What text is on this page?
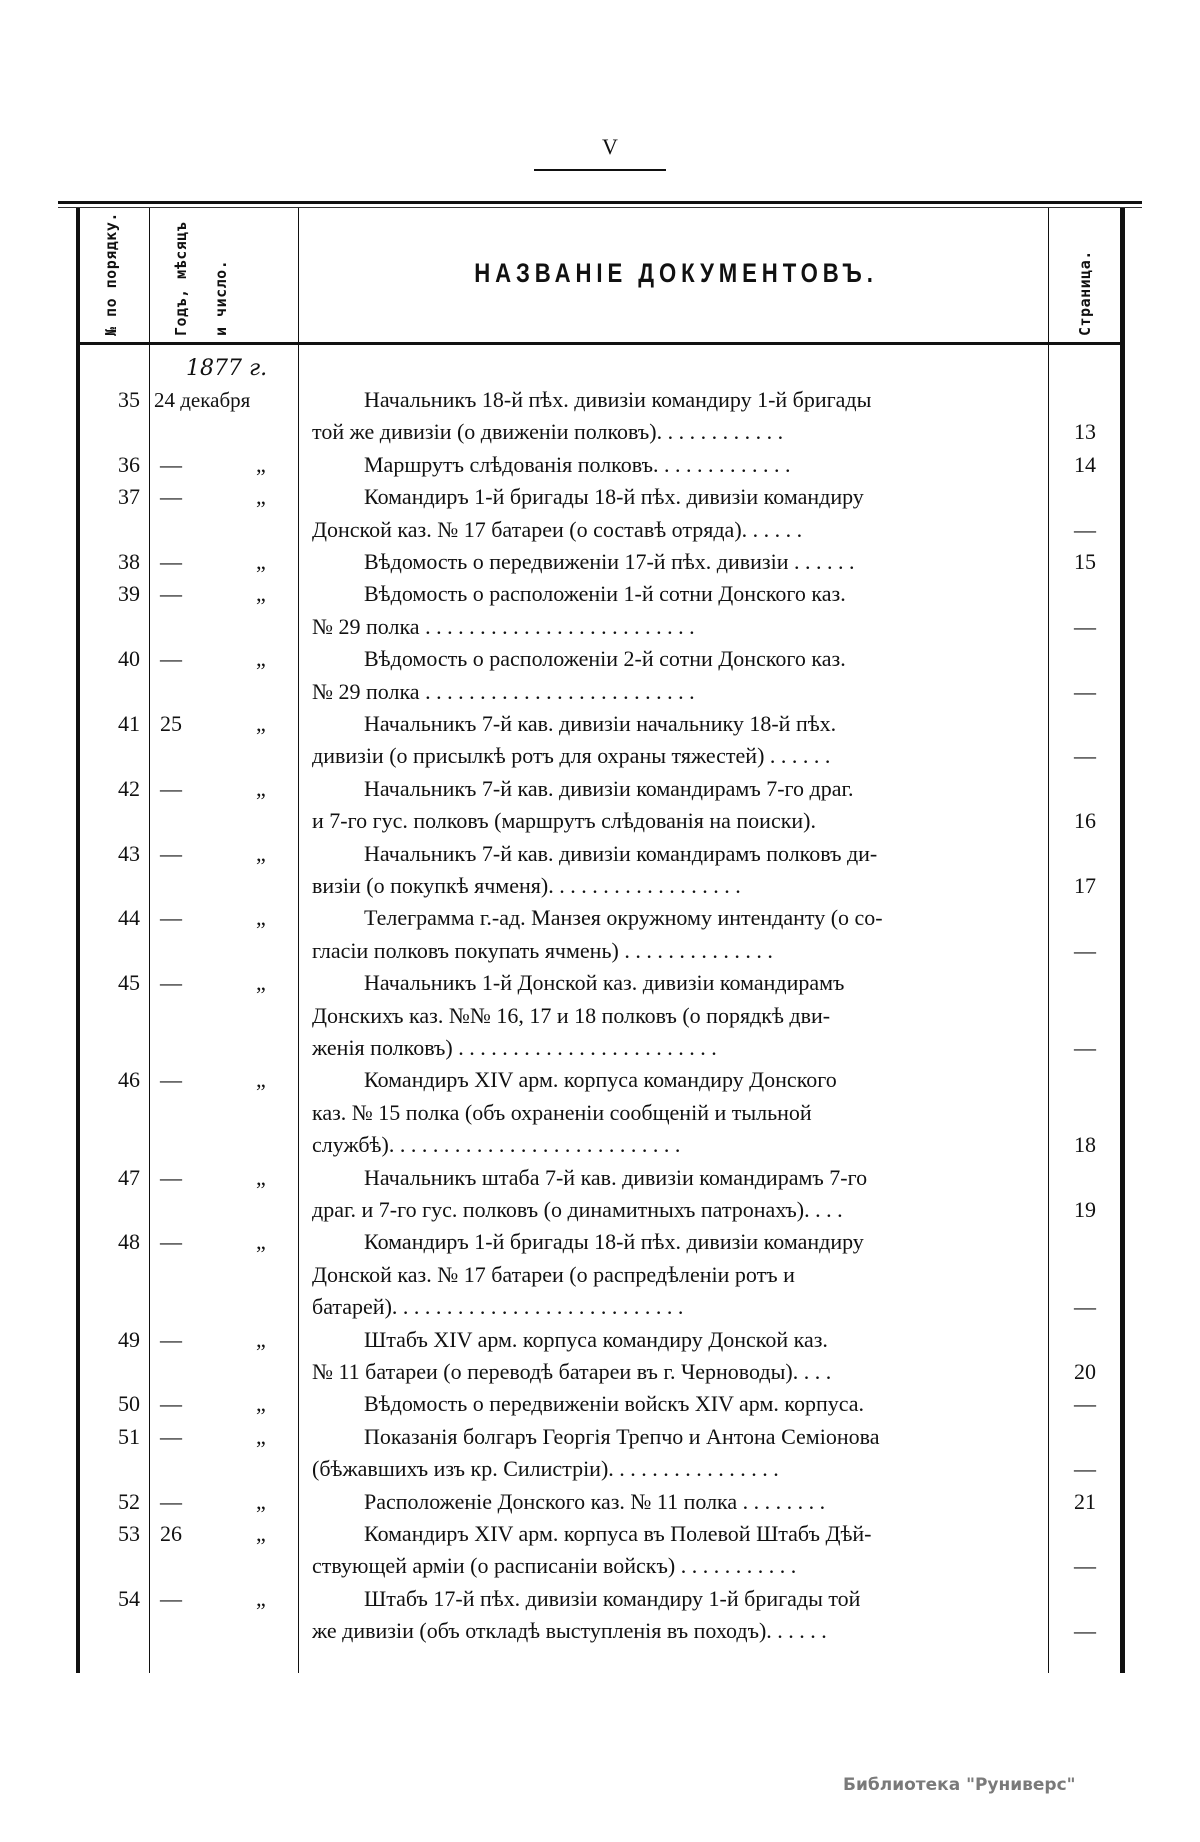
V
№ по порядку.	Годъ, мѣсяцъ и число.	НАЗВАНІЕ ДОКУМЕНТОВЪ.	Страница.
1877 г.
35 24 декабря	Начальникъ 18-й пѣх. дивизіи командиру 1-й бригады
той же дивизіи (о движеніи полковъ). . . . . . . . . . . .	13
36 —	„	Маршрутъ слѣдованія полковъ. . . . . . . . . . . . .	14
37 —	„	Командиръ 1-й бригады 18-й пѣх. дивизіи командиру
Донской каз. № 17 батареи (о составѣ отряда). . . . . .	—
38 —	„	Вѣдомость о передвиженіи 17-й пѣх. дивизіи . . . . . .	15
39 —	„	Вѣдомость о расположеніи 1-й сотни Донского каз.
№ 29 полка . . . . . . . . . . . . . . . . . . . . . . . . .	—
40 —	„	Вѣдомость о расположеніи 2-й сотни Донского каз.
№ 29 полка . . . . . . . . . . . . . . . . . . . . . . . . .	—
41 25	„	Начальникъ 7-й кав. дивизіи начальнику 18-й пѣх.
дивизіи (о присылкѣ ротъ для охраны тяжестей) . . . . . .	—
42 —	„	Начальникъ 7-й кав. дивизіи командирамъ 7-го драг.
и 7-го гус. полковъ (маршрутъ слѣдованія на поиски).	16
43 —	„	Начальникъ 7-й кав. дивизіи командирамъ полковъ ди-
визіи (о покупкѣ ячменя). . . . . . . . . . . . . . . . . .	17
44 —	„	Телеграмма г.-ад. Манзея окружному интенданту (о со-
гласіи полковъ покупать ячмень) . . . . . . . . . . . . . .	—
45 —	„	Начальникъ 1-й Донской каз. дивизіи командирамъ
Донскихъ каз. №№ 16, 17 и 18 полковъ (о порядкѣ дви-
женія полковъ) . . . . . . . . . . . . . . . . . . . . . . . .	—
46 —	„	Командиръ XIV арм. корпуса командиру Донского
каз. № 15 полка (объ охраненіи сообщеній и тыльной
службѣ). . . . . . . . . . . . . . . . . . . . . . . . . . .	18
47 —	„	Начальникъ штаба 7-й кав. дивизіи командирамъ 7-го
драг. и 7-го гус. полковъ (о динамитныхъ патронахъ). . . .	19
48 —	„	Командиръ 1-й бригады 18-й пѣх. дивизіи командиру
Донской каз. № 17 батареи (о распредѣленіи ротъ и
батарей). . . . . . . . . . . . . . . . . . . . . . . . . . .	—
49 —	„	Штабъ XIV арм. корпуса командиру Донской каз.
№ 11 батареи (о переводѣ батареи въ г. Черноводы). . . .	20
50 —	„	Вѣдомость о передвиженіи войскъ XIV арм. корпуса.	—
51 —	„	Показанія болгаръ Георгія Трепчо и Антона Семіонова
(бѣжавшихъ изъ кр. Силистріи). . . . . . . . . . . . . . . .	—
52 —	„	Расположеніе Донского каз. № 11 полка . . . . . . . .	21
53 26	„	Командиръ XIV арм. корпуса въ Полевой Штабъ Дѣй-
ствующей арміи (о расписаніи войскъ) . . . . . . . . . . .	—
54 —	„	Штабъ 17-й пѣх. дивизіи командиру 1-й бригады той
же дивизіи (объ откладѣ выступленія въ походъ). . . . . .	—
Библиотека "Руниверс"
